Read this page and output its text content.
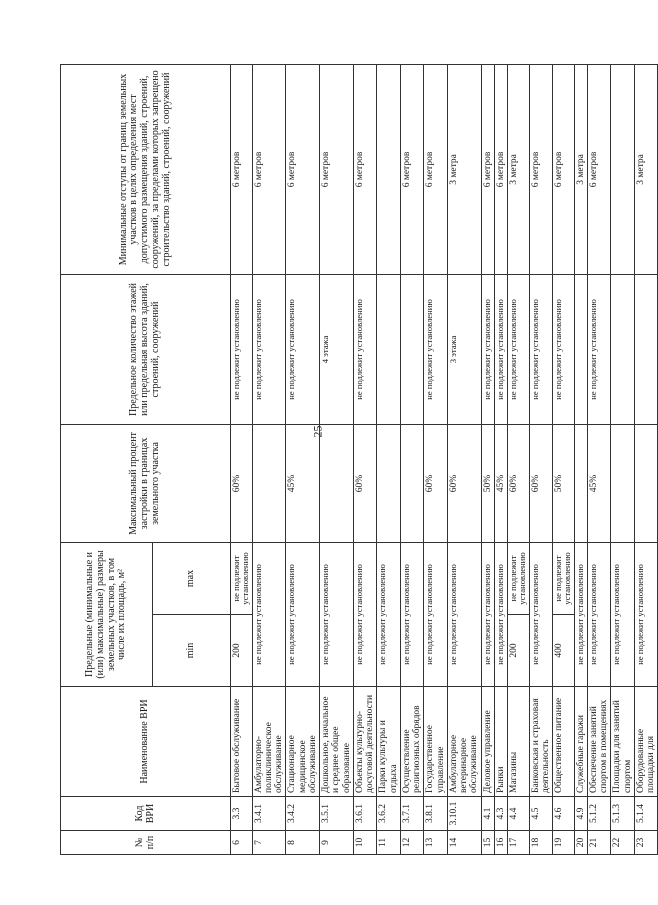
25
№ п/п	Код ВРИ	Наименование ВРИ	Предельные (минимальные и (или) максимальные) размеры земельных участков, в том числе их площадь, м²		Максимальный процент застройки в границах земельного участка	Предельное количество этажей или предельная высота зданий, строений, сооружений	Минимальные отступы от границ земельных участков в целях определения мест допустимого размещения зданий, строений, сооружений, за пределами которых запрещено строительство зданий, строений, сооружений
			min	max			
6	3.3	Бытовое обслуживание	200	не подлежит установлению	60%	не подлежит установлению	6 метров
7	3.4.1	Амбулаторно-поликлиническое обслуживание	не подлежит установлению			не подлежит установлению	6 метров
8	3.4.2	Стационарное медицинское обслуживание	не подлежит установлению		45%	не подлежит установлению	6 метров
9	3.5.1	Дошкольное, начальное и среднее общее образование	не подлежит установлению			4 этажа	6 метров
10	3.6.1	Объекты культурно-досуговой деятельности	не подлежит установлению		60%	не подлежит установлению	6 метров
11	3.6.2	Парки культуры и отдыха	не подлежит установлению				
12	3.7.1	Осуществление религиозных обрядов	не подлежит установлению				6 метров
13	3.8.1	Государственное управление	не подлежит установлению		60%	не подлежит установлению	6 метров
14	3.10.1	Амбулаторное ветеринарное обслуживание	не подлежит установлению		60%	3 этажа	3 метра
15	4.1	Деловое управление	не подлежит установлению		50%	не подлежит установлению	6 метров
16	4.3	Рынки	не подлежит установлению		45%	не подлежит установлению	6 метров
17	4.4	Магазины	200	не подлежит установлению	60%	не подлежит установлению	3 метра
18	4.5	Банковская и страховая деятельность	не подлежит установлению		60%	не подлежит установлению	6 метров
19	4.6	Общественное питание	400	не подлежит установлению	50%	не подлежит установлению	6 метров
20	4.9	Служебные гаражи	не подлежит установлению				3 метра
21	5.1.2	Обеспечение занятий спортом в помещениях	не подлежит установлению		45%	не подлежит установлению	6 метров
22	5.1.3	Площадки для занятий спортом	не подлежит установлению				
23	5.1.4	Оборудованные площадки для	не подлежит установлению				3 метра
